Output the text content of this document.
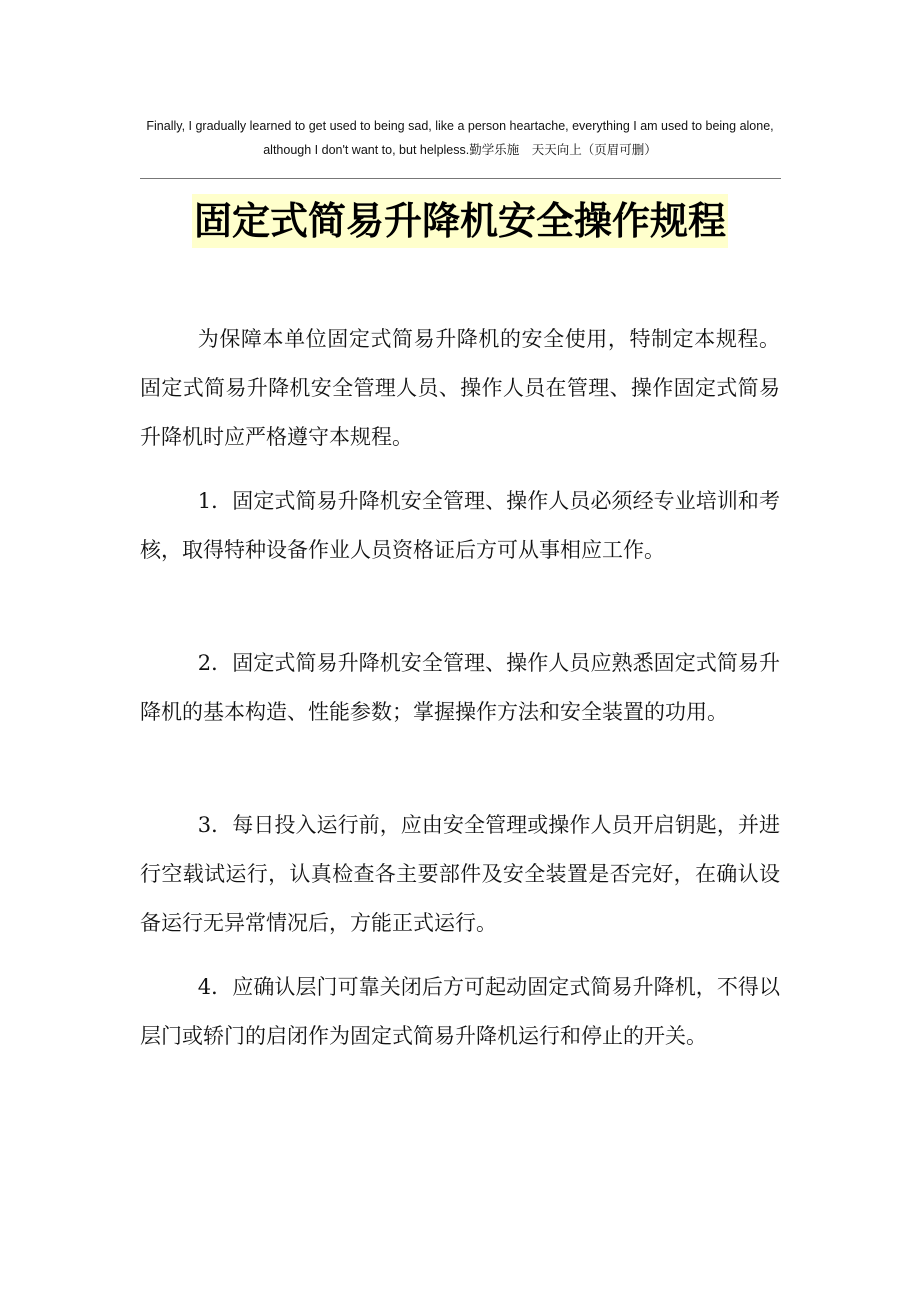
Finally, I gradually learned to get used to being sad, like a person heartache, everything I am used to being alone,
although I don't want to, but helpless.勤学乐施　天天向上（页眉可删）
固定式简易升降机安全操作规程

为保障本单位固定式简易升降机的安全使用，特制定本规程。固定式简易升降机安全管理人员、操作人员在管理、操作固定式简易升降机时应严格遵守本规程。

1．固定式简易升降机安全管理、操作人员必须经专业培训和考核，取得特种设备作业人员资格证后方可从事相应工作。

2．固定式简易升降机安全管理、操作人员应熟悉固定式简易升降机的基本构造、性能参数；掌握操作方法和安全装置的功用。

3．每日投入运行前，应由安全管理或操作人员开启钥匙，并进行空载试运行，认真检查各主要部件及安全装置是否完好，在确认设备运行无异常情况后，方能正式运行。

4．应确认层门可靠关闭后方可起动固定式简易升降机，不得以层门或轿门的启闭作为固定式简易升降机运行和停止的开关。
